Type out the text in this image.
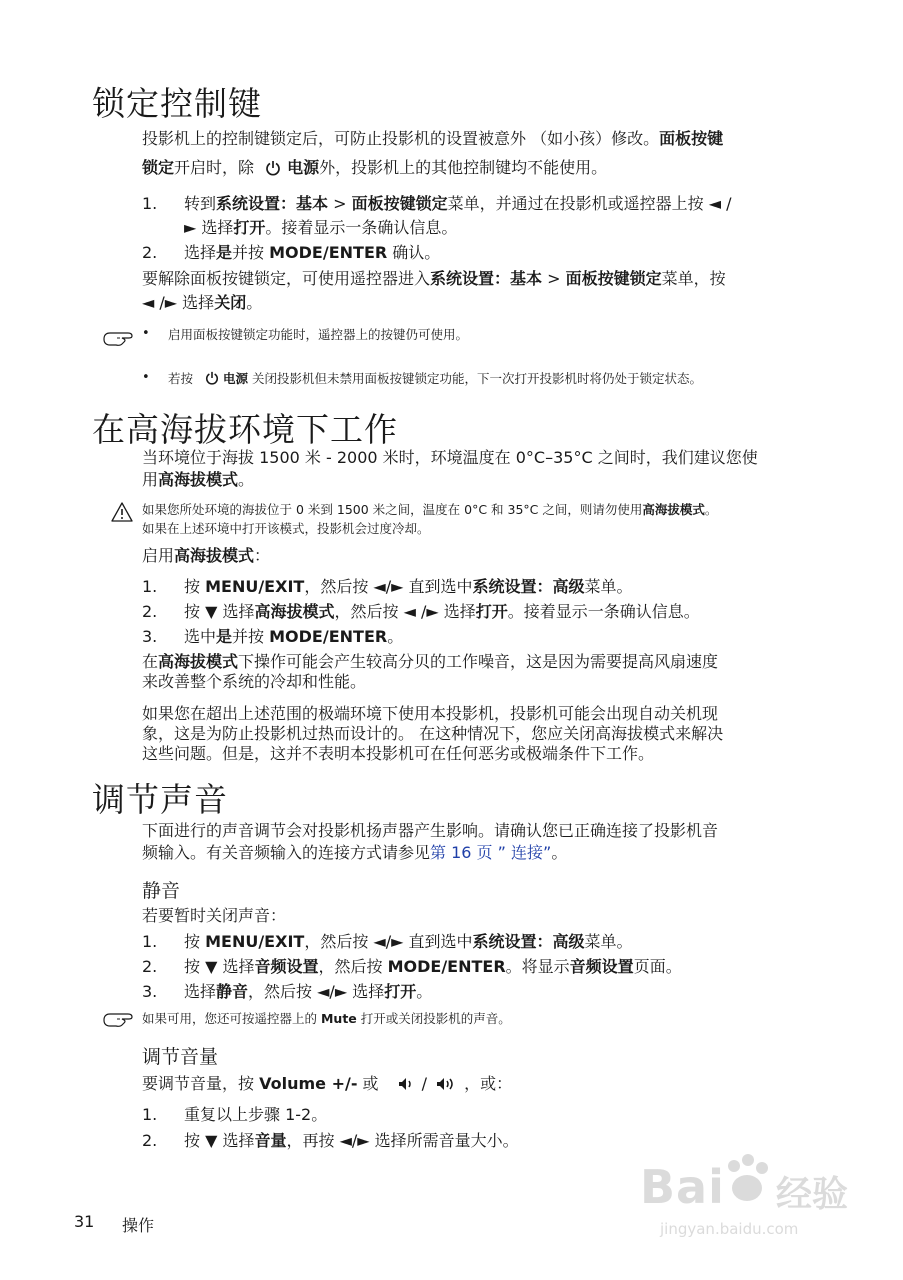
锁定控制键
投影机上的控制键锁定后，可防止投影机的设置被意外 （如小孩）修改。面板按键
锁定开启时，除 电源外，投影机上的其他控制键均不能使用。
1. 转到系统设置：基本 > 面板按键锁定菜单，并通过在投影机或遥控器上按 ◄ /
► 选择打开。接着显示一条确认信息。
2. 选择是并按 MODE/ENTER 确认。
要解除面板按键锁定，可使用遥控器进入系统设置：基本 > 面板按键锁定菜单，按
◄ /► 选择关闭。
• 启用面板按键锁定功能时，遥控器上的按键仍可使用。
• 若按 电源 关闭投影机但未禁用面板按键锁定功能，下一次打开投影机时将仍处于锁定状态。
在高海拔环境下工作
当环境位于海拔 1500 米 - 2000 米时，环境温度在 0°C–35°C 之间时，我们建议您使
用高海拔模式。
如果您所处环境的海拔位于 0 米到 1500 米之间，温度在 0°C 和 35°C 之间，则请勿使用高海拔模式。
如果在上述环境中打开该模式，投影机会过度冷却。
启用高海拔模式：
1. 按 MENU/EXIT，然后按 ◄/► 直到选中系统设置：高级菜单。
2. 按 ▼ 选择高海拔模式，然后按 ◄ /► 选择打开。接着显示一条确认信息。
3. 选中是并按 MODE/ENTER。
在高海拔模式下操作可能会产生较高分贝的工作噪音，这是因为需要提高风扇速度
来改善整个系统的冷却和性能。
如果您在超出上述范围的极端环境下使用本投影机，投影机可能会出现自动关机现
象，这是为防止投影机过热而设计的。 在这种情况下，您应关闭高海拔模式来解决
这些问题。但是，这并不表明本投影机可在任何恶劣或极端条件下工作。
调节声音
下面进行的声音调节会对投影机扬声器产生影响。请确认您已正确连接了投影机音
频输入。有关音频输入的连接方式请参见第 16 页 ” 连接”。
静音
若要暂时关闭声音：
1. 按 MENU/EXIT，然后按 ◄/► 直到选中系统设置：高级菜单。
2. 按 ▼ 选择音频设置，然后按 MODE/ENTER。将显示音频设置页面。
3. 选择静音，然后按 ◄/► 选择打开。
如果可用，您还可按遥控器上的 Mute 打开或关闭投影机的声音。
调节音量
要调节音量，按 Volume +/- 或	/ ，或：
1. 重复以上步骤 1-2。
2. 按 ▼ 选择音量，再按 ◄/► 选择所需音量大小。
31 操作
Bai 经验
jingyan.baidu.com
